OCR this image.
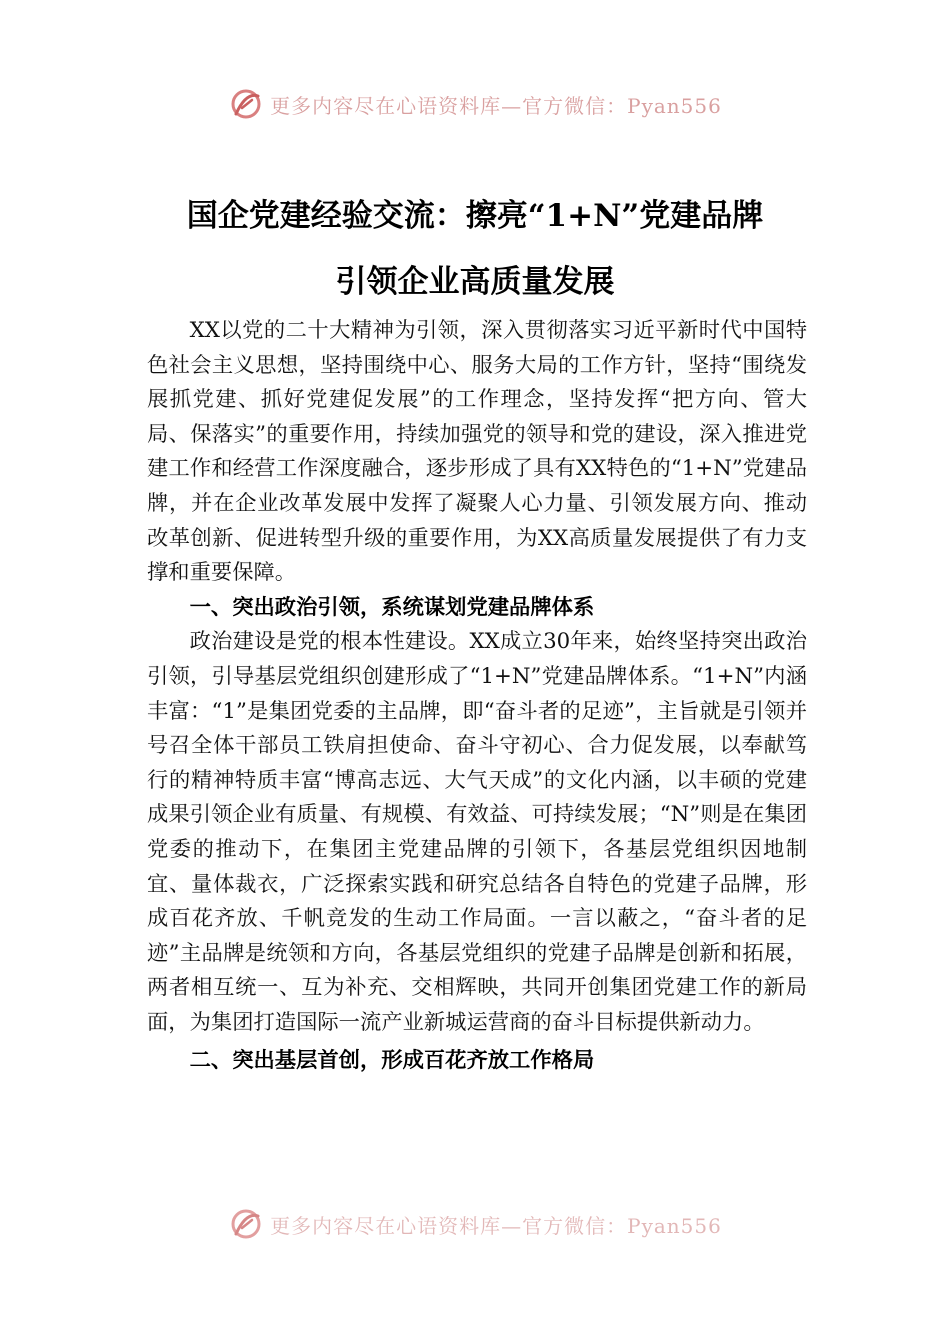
更多内容尽在心语资料库—官方微信：Pyan556
国企党建经验交流：擦亮“1+N”党建品牌
引领企业高质量发展

XX以党的二十大精神为引领，深入贯彻落实习近平新时代中国特色社会主义思想，坚持围绕中心、服务大局的工作方针，坚持“围绕发展抓党建、抓好党建促发展”的工作理念，坚持发挥“把方向、管大局、保落实”的重要作用，持续加强党的领导和党的建设，深入推进党建工作和经营工作深度融合，逐步形成了具有XX特色的“1+N”党建品牌，并在企业改革发展中发挥了凝聚人心力量、引领发展方向、推动改革创新、促进转型升级的重要作用，为XX高质量发展提供了有力支撑和重要保障。

一、突出政治引领，系统谋划党建品牌体系

政治建设是党的根本性建设。XX成立30年来，始终坚持突出政治引领，引导基层党组织创建形成了“1+N”党建品牌体系。“1+N”内涵丰富：“1”是集团党委的主品牌，即“奋斗者的足迹”，主旨就是引领并号召全体干部员工铁肩担使命、奋斗守初心、合力促发展，以奉献笃行的精神特质丰富“博高志远、大气天成”的文化内涵，以丰硕的党建成果引领企业有质量、有规模、有效益、可持续发展；“N”则是在集团党委的推动下，在集团主党建品牌的引领下，各基层党组织因地制宜、量体裁衣，广泛探索实践和研究总结各自特色的党建子品牌，形成百花齐放、千帆竞发的生动工作局面。一言以蔽之，“奋斗者的足迹”主品牌是统领和方向，各基层党组织的党建子品牌是创新和拓展，两者相互统一、互为补充、交相辉映，共同开创集团党建工作的新局面，为集团打造国际一流产业新城运营商的奋斗目标提供新动力。

二、突出基层首创，形成百花齐放工作格局
更多内容尽在心语资料库—官方微信：Pyan556
